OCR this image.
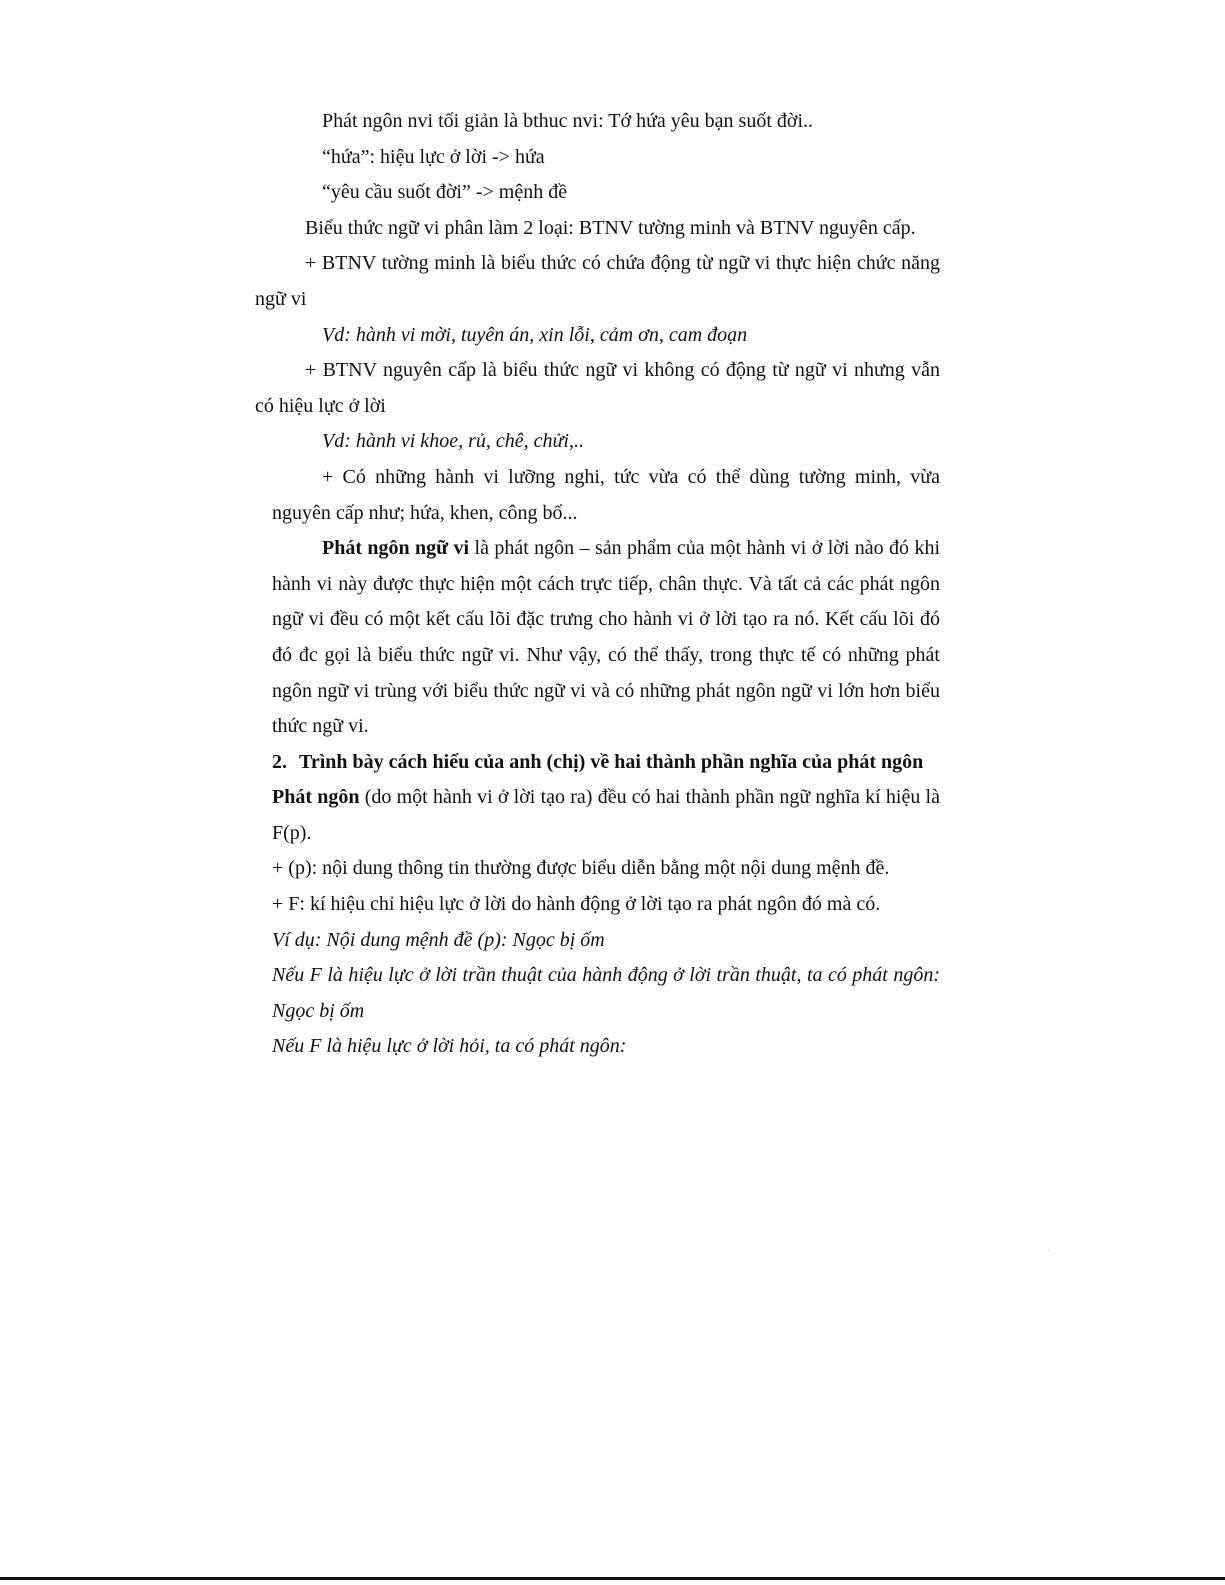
Phát ngôn nvi tối giản là bthuc nvi: Tớ hứa yêu bạn suốt đời..

“hứa”: hiệu lực ở lời -> hứa

“yêu cầu suốt đời” -> mệnh đề

Biểu thức ngữ vi phân làm 2 loại: BTNV tường minh và BTNV nguyên cấp.

+ BTNV tường minh là biểu thức có chứa động từ ngữ vi thực hiện chức năng ngữ vi

Vd: hành vi mời, tuyên án, xin lỗi, cảm ơn, cam đoạn

+ BTNV nguyên cấp là biểu thức ngữ vi không có động từ ngữ vi nhưng vẫn có hiệu lực ở lời

Vd: hành vi khoe, rủ, chê, chửi,..

+ Có những hành vi lưỡng nghi, tức vừa có thể dùng tường minh, vừa nguyên cấp như; hứa, khen, công bố...

Phát ngôn ngữ vi là phát ngôn – sản phẩm của một hành vi ở lời nào đó khi hành vi này được thực hiện một cách trực tiếp, chân thực. Và tất cả các phát ngôn ngữ vi đều có một kết cấu lõi đặc trưng cho hành vi ở lời tạo ra nó. Kết cấu lõi đó đó đc gọi là biểu thức ngữ vi. Như vậy, có thể thấy, trong thực tế có những phát ngôn ngữ vi trùng với biểu thức ngữ vi và có những phát ngôn ngữ vi lớn hơn biểu thức ngữ vi.

2. Trình bày cách hiểu của anh (chị) về hai thành phần nghĩa của phát ngôn

Phát ngôn (do một hành vi ở lời tạo ra) đều có hai thành phần ngữ nghĩa kí hiệu là F(p).

+ (p): nội dung thông tin thường được biểu diễn bằng một nội dung mệnh đề.

+ F: kí hiệu chỉ hiệu lực ở lời do hành động ở lời tạo ra phát ngôn đó mà có.

Ví dụ: Nội dung mệnh đề (p): Ngọc bị ốm

Nếu F là hiệu lực ở lời trần thuật của hành động ở lời trần thuật, ta có phát ngôn: Ngọc bị ốm

Nếu F là hiệu lực ở lời hỏi, ta có phát ngôn:
